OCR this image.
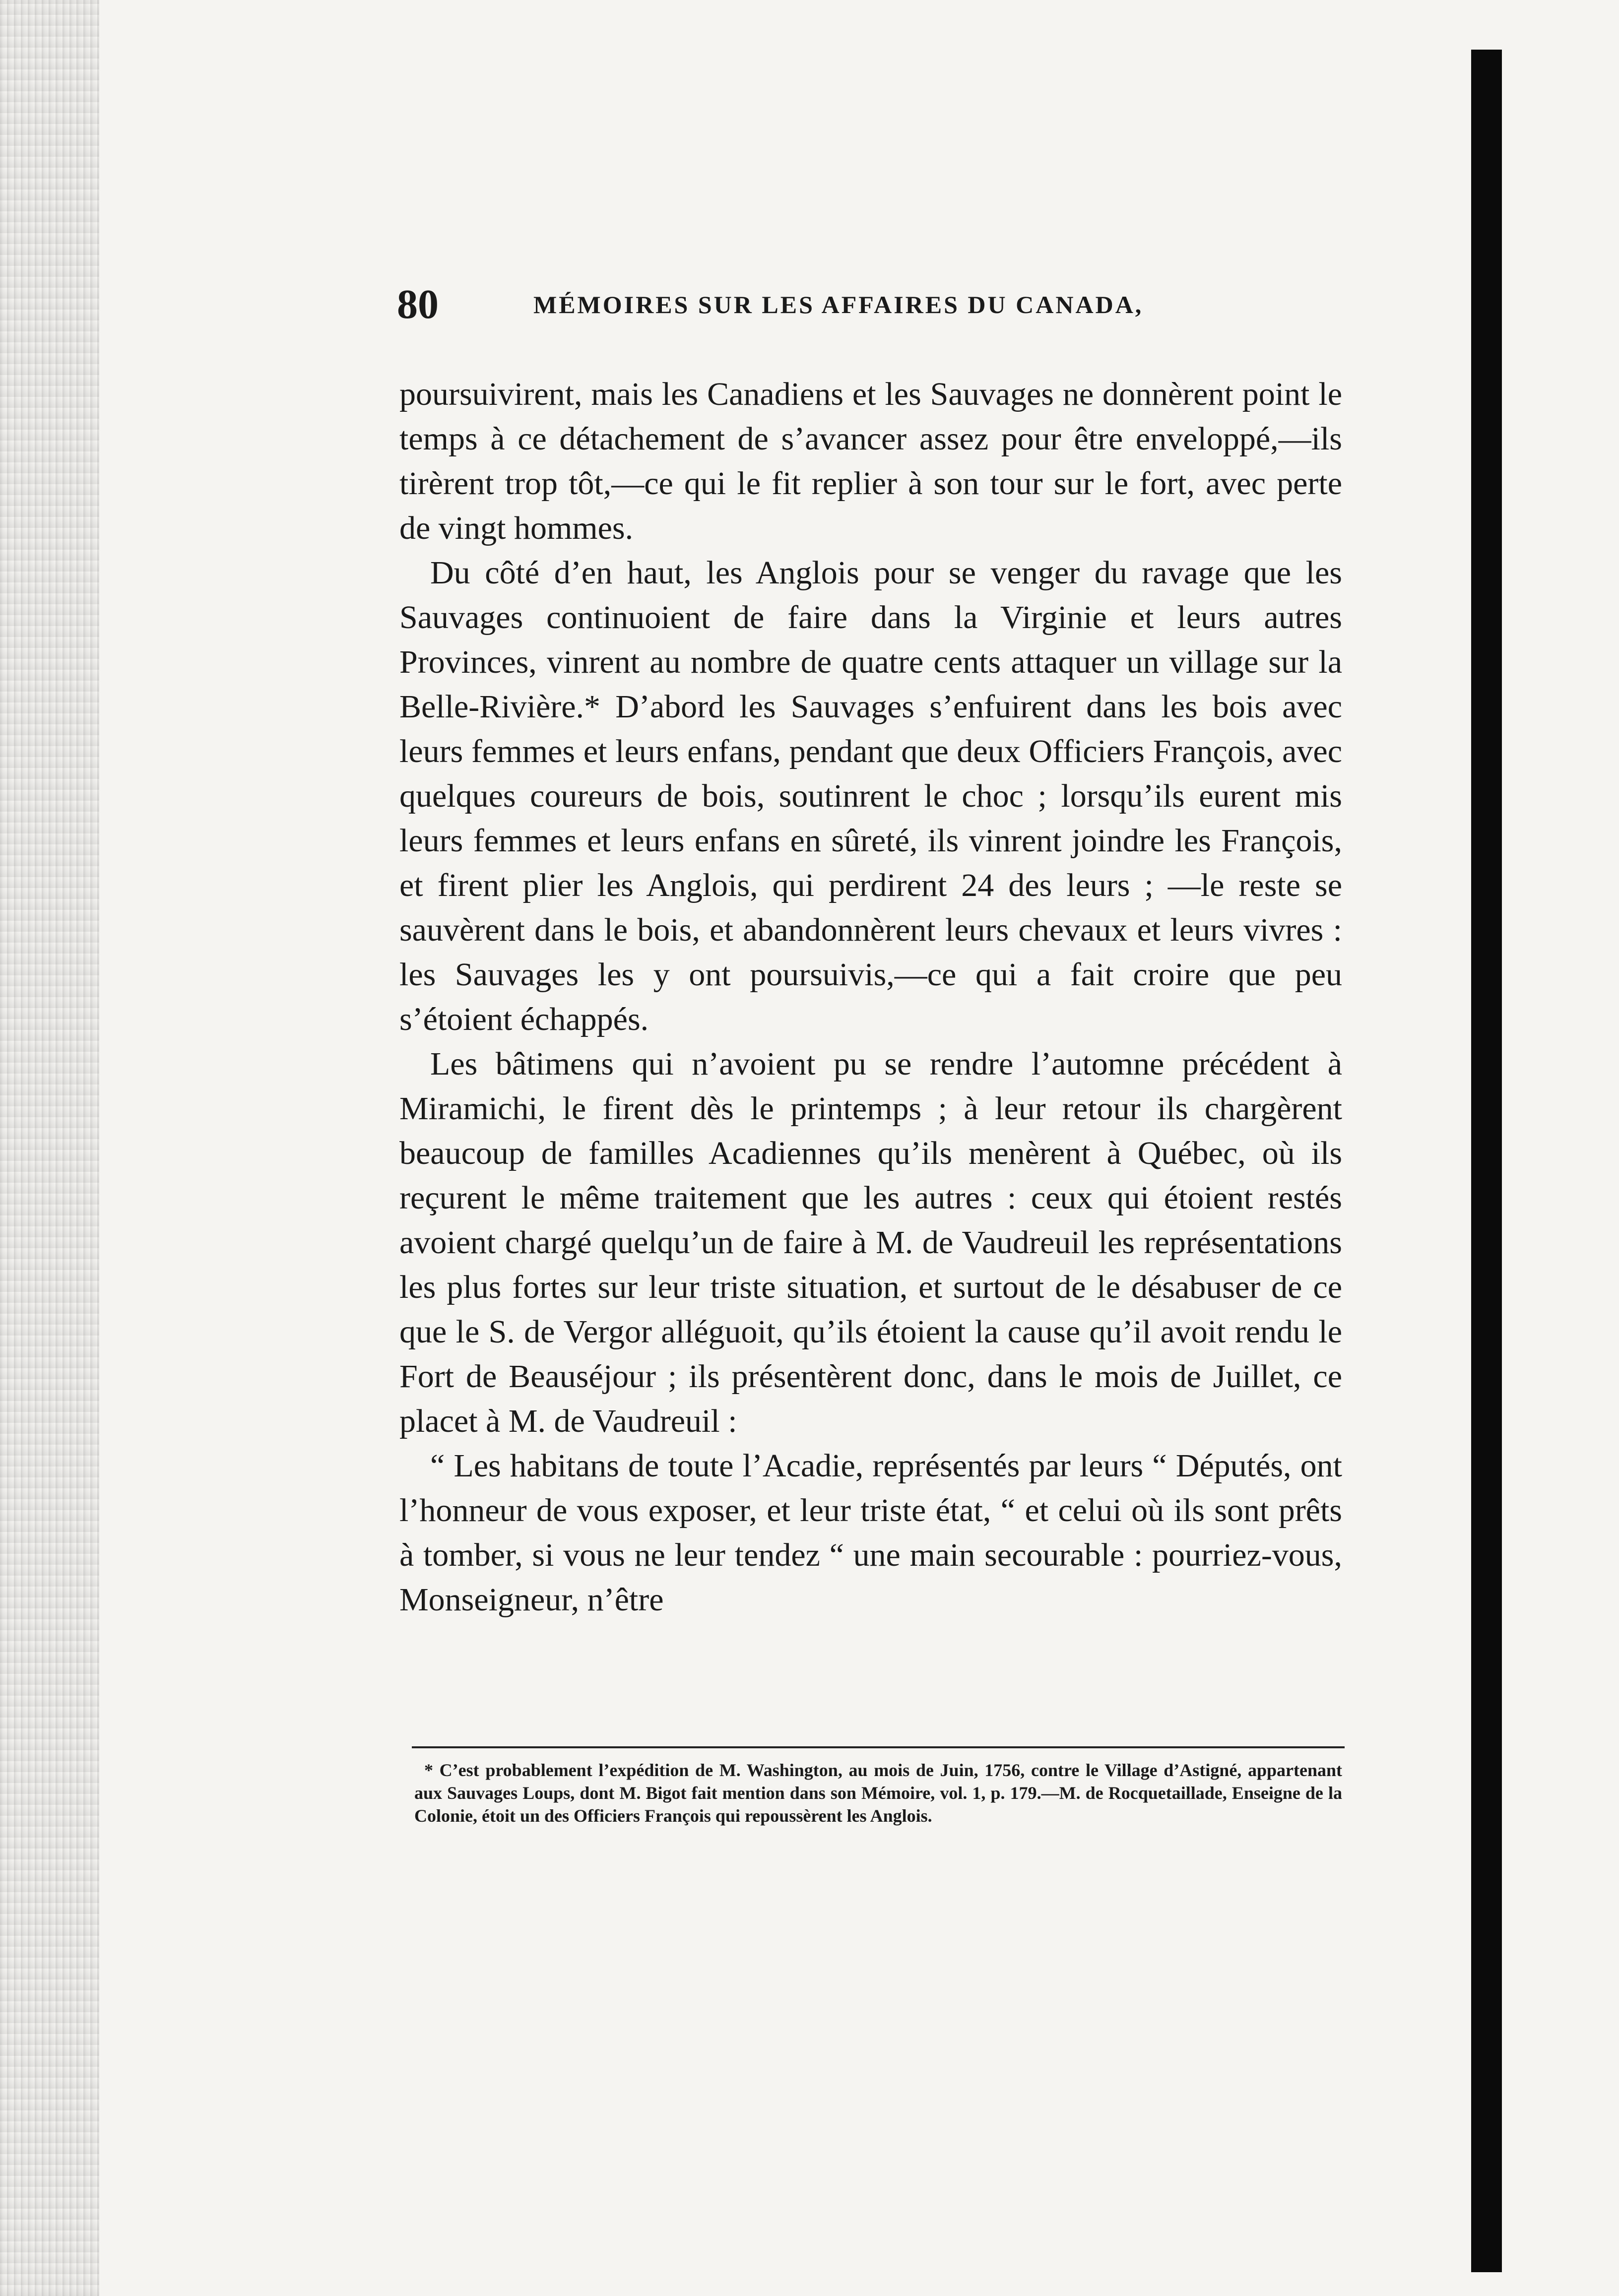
80	MÉMOIRES SUR LES AFFAIRES DU CANADA,

poursuivirent, mais les Canadiens et les Sauvages ne donnèrent point le temps à ce détachement de s’avancer assez pour être enveloppé,—ils tirèrent trop tôt,—ce qui le fit replier à son tour sur le fort, avec perte de vingt hommes.

Du côté d’en haut, les Anglois pour se venger du ravage que les Sauvages continuoient de faire dans la Virginie et leurs autres Provinces, vinrent au nombre de quatre cents attaquer un village sur la Belle-Rivière.* D’abord les Sauvages s’enfuirent dans les bois avec leurs femmes et leurs enfans, pendant que deux Officiers François, avec quelques coureurs de bois, soutinrent le choc ; lorsqu’ils eurent mis leurs femmes et leurs enfans en sûreté, ils vinrent joindre les François, et firent plier les Anglois, qui perdirent 24 des leurs ; —le reste se sauvèrent dans le bois, et abandonnèrent leurs chevaux et leurs vivres : les Sauvages les y ont poursuivis,—ce qui a fait croire que peu s’étoient échappés.

Les bâtimens qui n’avoient pu se rendre l’automne précédent à Miramichi, le firent dès le printemps ; à leur retour ils chargèrent beaucoup de familles Acadiennes qu’ils menèrent à Québec, où ils reçurent le même traitement que les autres : ceux qui étoient restés avoient chargé quelqu’un de faire à M. de Vaudreuil les représentations les plus fortes sur leur triste situation, et surtout de le désabuser de ce que le S. de Vergor alléguoit, qu’ils étoient la cause qu’il avoit rendu le Fort de Beauséjour ; ils présentèrent donc, dans le mois de Juillet, ce placet à M. de Vaudreuil :

“ Les habitans de toute l’Acadie, représentés par leurs “ Députés, ont l’honneur de vous exposer, et leur triste état, “ et celui où ils sont prêts à tomber, si vous ne leur tendez “ une main secourable : pourriez-vous, Monseigneur, n’être

* C’est probablement l’expédition de M. Washington, au mois de Juin, 1756, contre le Village d’Astigné, appartenant aux Sauvages Loups, dont M. Bigot fait mention dans son Mémoire, vol. 1, p. 179.—M. de Rocquetaillade, Enseigne de la Colonie, étoit un des Officiers François qui repoussèrent les Anglois.
